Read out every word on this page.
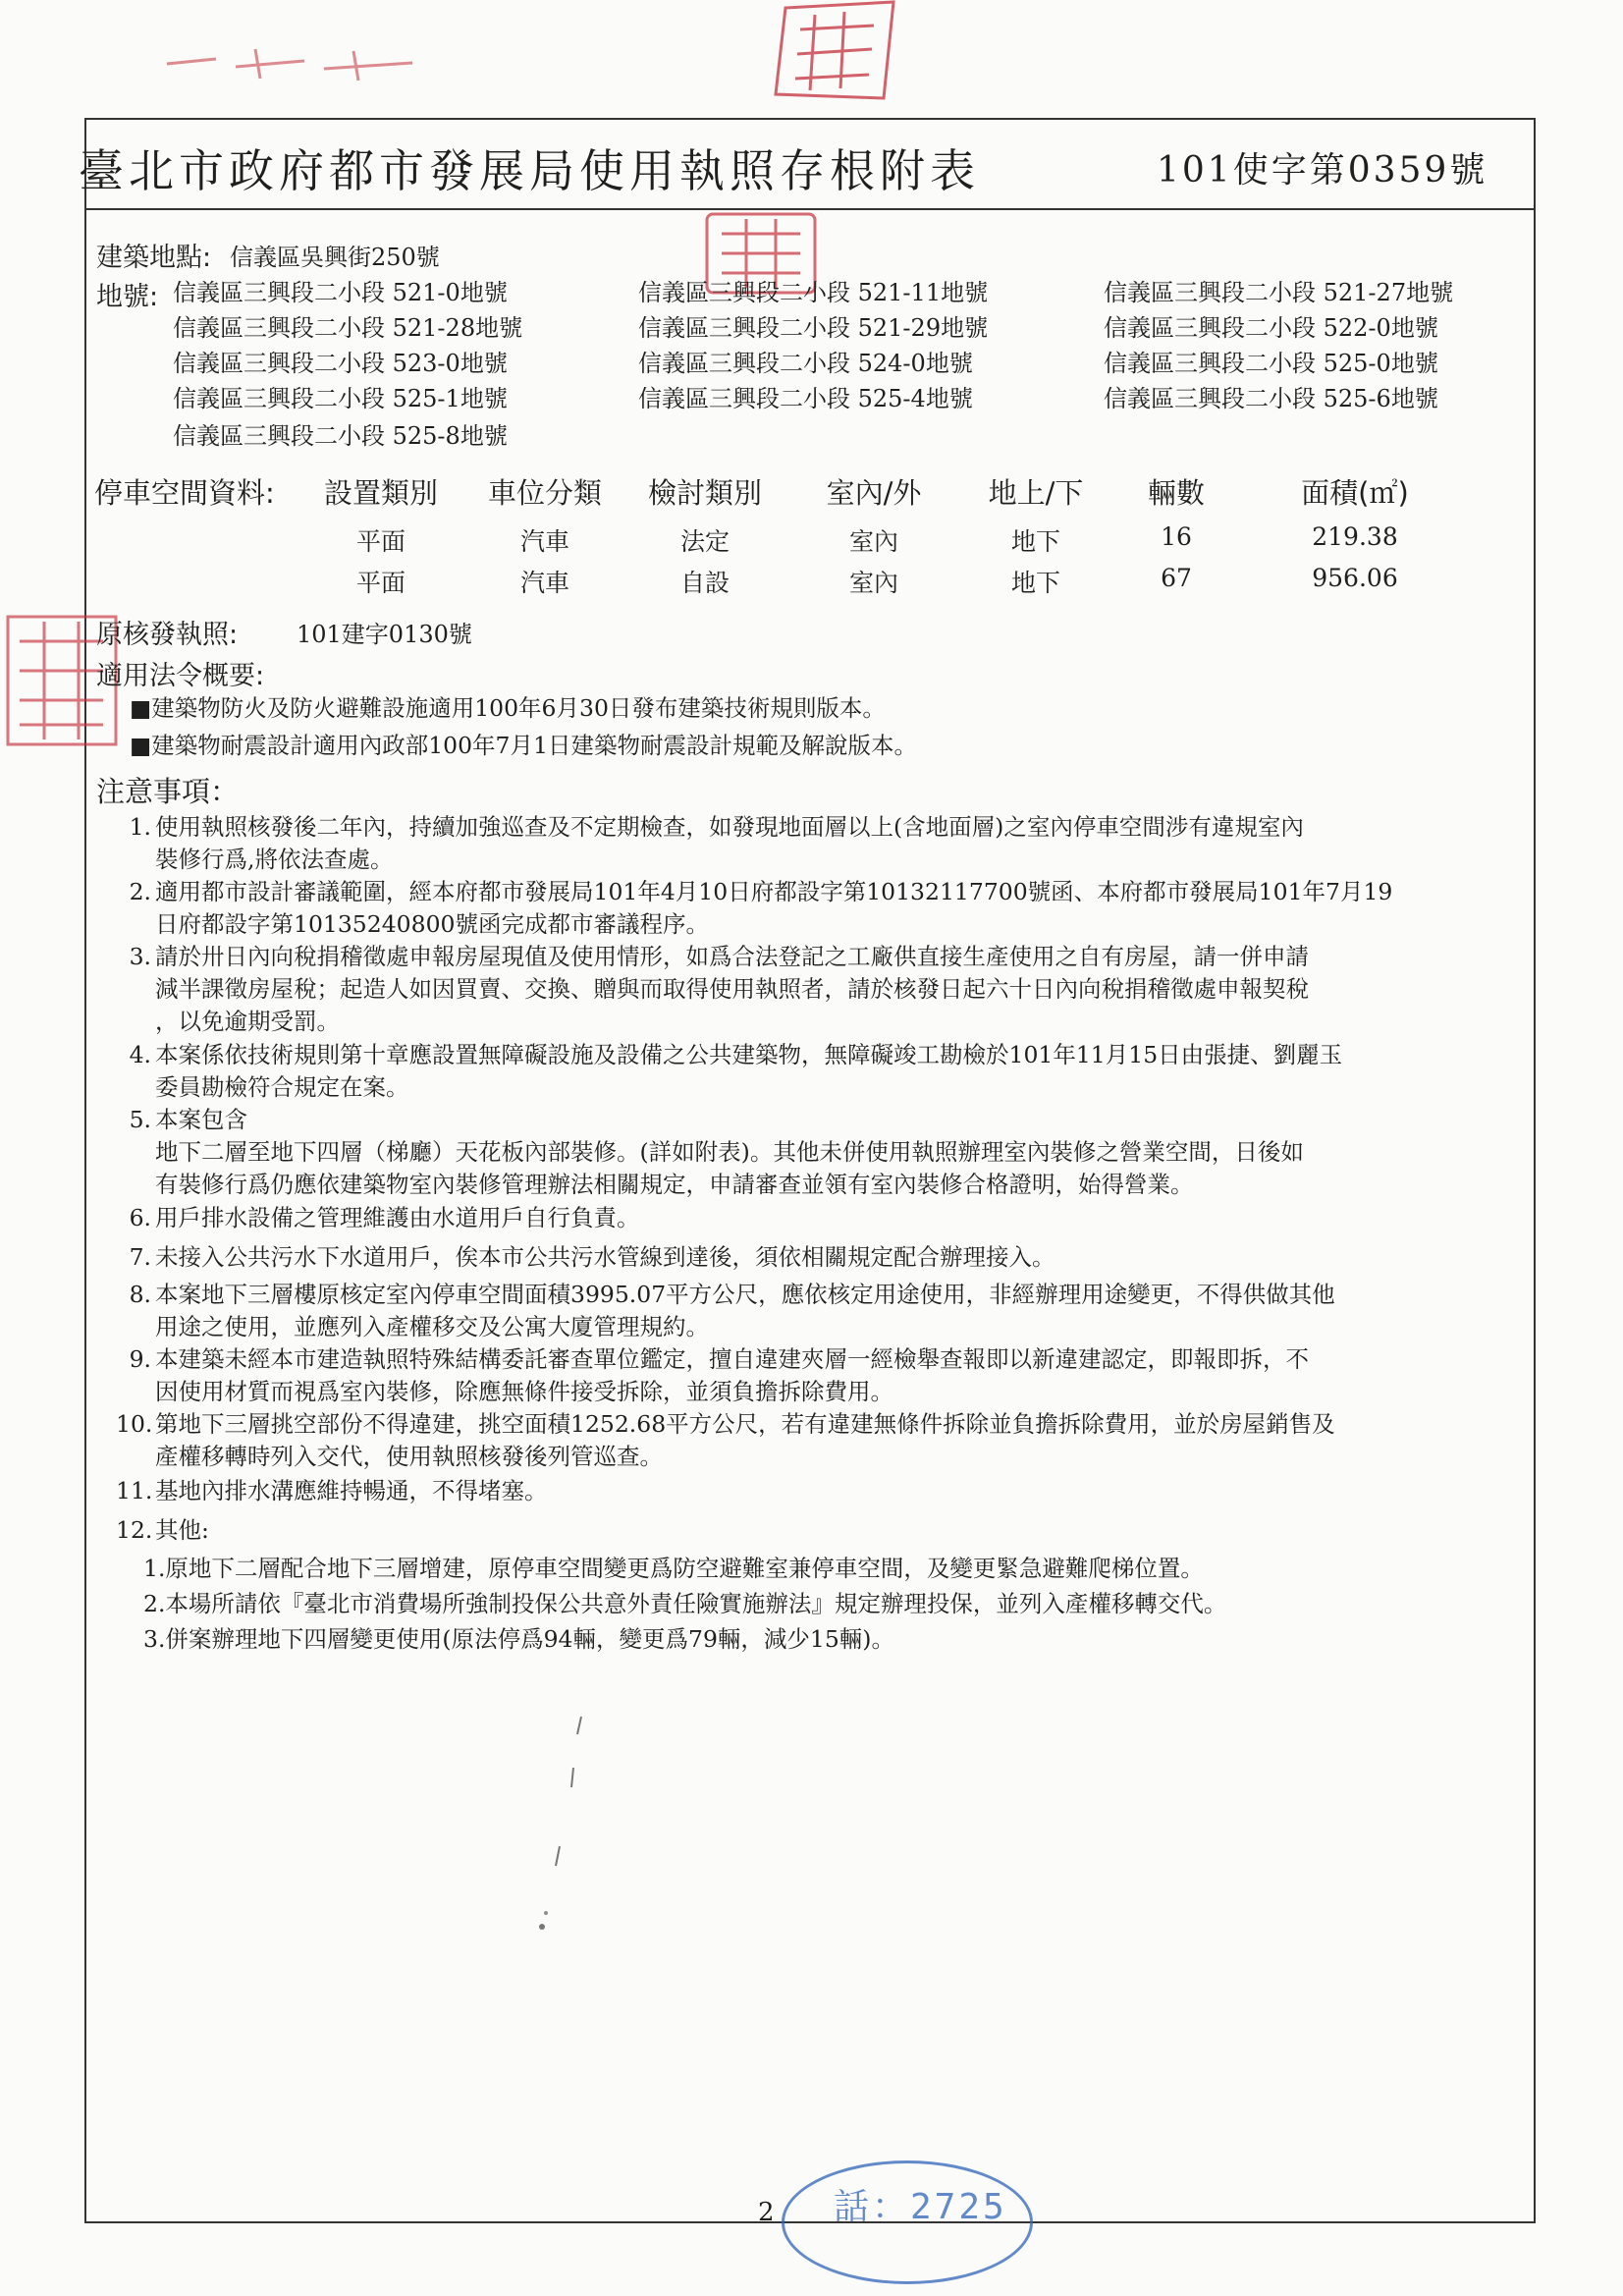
臺北市政府都市發展局使用執照存根附表	101使字第0359號
建築地點: 信義區吳興街250號
地號: 信義區三興段二小段 521-0地號	信義區三興段二小段 521-11地號	信義區三興段二小段 521-27地號
信義區三興段二小段 521-28地號	信義區三興段二小段 521-29地號	信義區三興段二小段 522-0地號
信義區三興段二小段 523-0地號	信義區三興段二小段 524-0地號	信義區三興段二小段 525-0地號
信義區三興段二小段 525-1地號	信義區三興段二小段 525-4地號	信義區三興段二小段 525-6地號
信義區三興段二小段 525-8地號
停車空間資料:	設置類別	車位分類	檢討類別	室內/外	地上/下	輛數	面積(㎡)
平面	汽車	法定	室內	地下	16	219.38
平面	汽車	自設	室內	地下	67	956.06
原核發執照: 101建字0130號
適用法令概要:
■建築物防火及防火避難設施適用100年6月30日發布建築技術規則版本。
■建築物耐震設計適用內政部100年7月1日建築物耐震設計規範及解說版本。
注意事項：
1. 使用執照核發後二年內，持續加強巡查及不定期檢查，如發現地面層以上(含地面層)之室內停車空間涉有違規室內
裝修行爲,將依法查處。
2. 適用都市設計審議範圍，經本府都市發展局101年4月10日府都設字第10132117700號函、本府都市發展局101年7月19
日府都設字第10135240800號函完成都市審議程序。
3. 請於卅日內向稅捐稽徵處申報房屋現值及使用情形，如爲合法登記之工廠供直接生產使用之自有房屋，請一併申請
減半課徵房屋稅；起造人如因買賣、交換、贈與而取得使用執照者，請於核發日起六十日內向稅捐稽徵處申報契稅
，以免逾期受罰。
4. 本案係依技術規則第十章應設置無障礙設施及設備之公共建築物，無障礙竣工勘檢於101年11月15日由張捷、劉麗玉
委員勘檢符合規定在案。
5. 本案包含
地下二層至地下四層（梯廳）天花板內部裝修。(詳如附表)。其他未併使用執照辦理室內裝修之營業空間，日後如
有裝修行爲仍應依建築物室內裝修管理辦法相關規定，申請審查並領有室內裝修合格證明，始得營業。
6. 用戶排水設備之管理維護由水道用戶自行負責。
7. 未接入公共污水下水道用戶，俟本市公共污水管線到達後，須依相關規定配合辦理接入。
8. 本案地下三層樓原核定室內停車空間面積3995.07平方公尺，應依核定用途使用，非經辦理用途變更，不得供做其他
用途之使用，並應列入產權移交及公寓大廈管理規約。
9. 本建築未經本市建造執照特殊結構委託審查單位鑑定，擅自違建夾層一經檢舉查報即以新違建認定，即報即拆，不
因使用材質而視爲室內裝修，除應無條件接受拆除，並須負擔拆除費用。
10. 第地下三層挑空部份不得違建，挑空面積1252.68平方公尺，若有違建無條件拆除並負擔拆除費用，並於房屋銷售及
產權移轉時列入交代，使用執照核發後列管巡查。
11. 基地內排水溝應維持暢通，不得堵塞。
12. 其他:
1.原地下二層配合地下三層增建，原停車空間變更爲防空避難室兼停車空間，及變更緊急避難爬梯位置。
2.本場所請依『臺北市消費場所強制投保公共意外責任險實施辦法』規定辦理投保，並列入產權移轉交代。
3.併案辦理地下四層變更使用(原法停爲94輛，變更爲79輛，減少15輛)。
2 話：2725
